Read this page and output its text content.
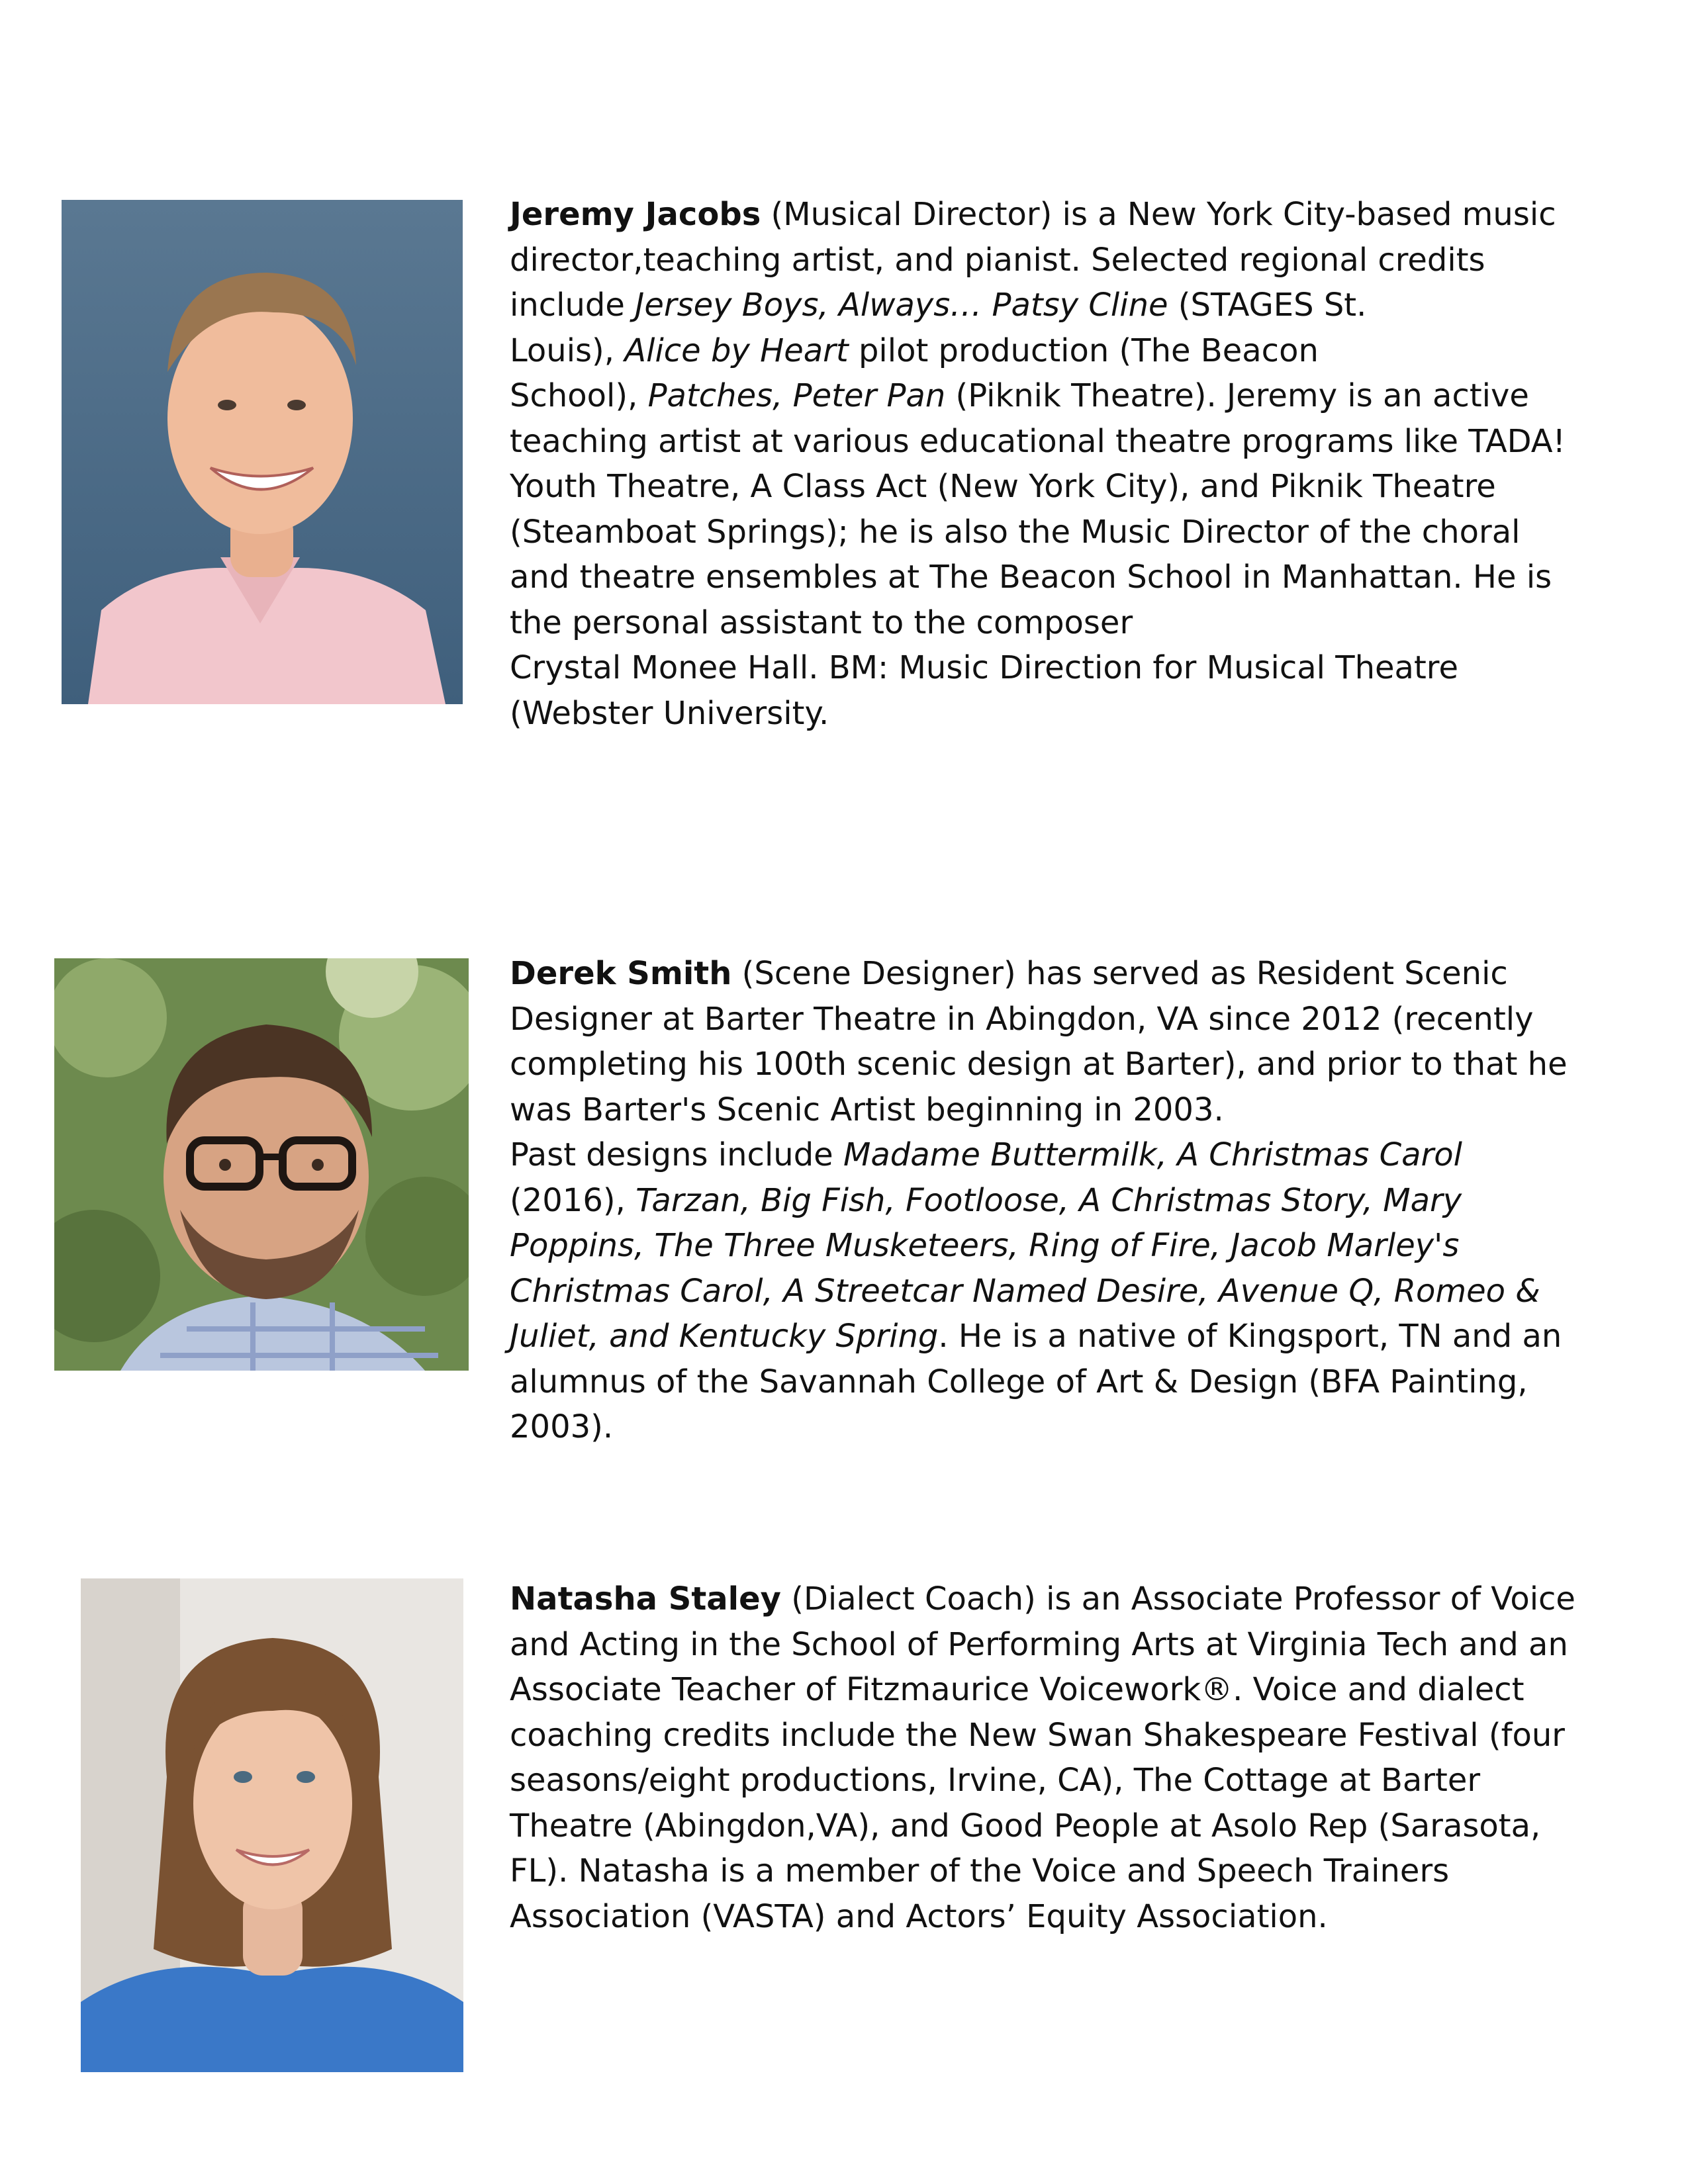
Jeremy Jacobs (Musical Director) is a New York City-based music
director,teaching artist, and pianist. Selected regional credits
include Jersey Boys, Always… Patsy Cline (STAGES St.
Louis), Alice by Heart pilot production (The Beacon
School), Patches, Peter Pan (Piknik Theatre). Jeremy is an active
teaching artist at various educational theatre programs like TADA!
Youth Theatre, A Class Act (New York City), and Piknik Theatre
(Steamboat Springs); he is also the Music Director of the choral
and theatre ensembles at The Beacon School in Manhattan. He is
the personal assistant to the composer
Crystal Monee Hall. BM: Music Direction for Musical Theatre
(Webster University.
Derek Smith (Scene Designer) has served as Resident Scenic
Designer at Barter Theatre in Abingdon, VA since 2012 (recently
completing his 100th scenic design at Barter), and prior to that he
was Barter's Scenic Artist beginning in 2003.
Past designs include Madame Buttermilk, A Christmas Carol
(2016), Tarzan, Big Fish, Footloose, A Christmas Story, Mary
Poppins, The Three Musketeers, Ring of Fire, Jacob Marley's
Christmas Carol, A Streetcar Named Desire, Avenue Q, Romeo &
Juliet, and Kentucky Spring. He is a native of Kingsport, TN and an
alumnus of the Savannah College of Art & Design (BFA Painting,
2003).
Natasha Staley (Dialect Coach) is an Associate Professor of Voice
and Acting in the School of Performing Arts at Virginia Tech and an
Associate Teacher of Fitzmaurice Voicework®. Voice and dialect
coaching credits include the New Swan Shakespeare Festival (four
seasons/eight productions, Irvine, CA), The Cottage at Barter
Theatre (Abingdon,VA), and Good People at Asolo Rep (Sarasota,
FL). Natasha is a member of the Voice and Speech Trainers
Association (VASTA) and Actors’ Equity Association.
